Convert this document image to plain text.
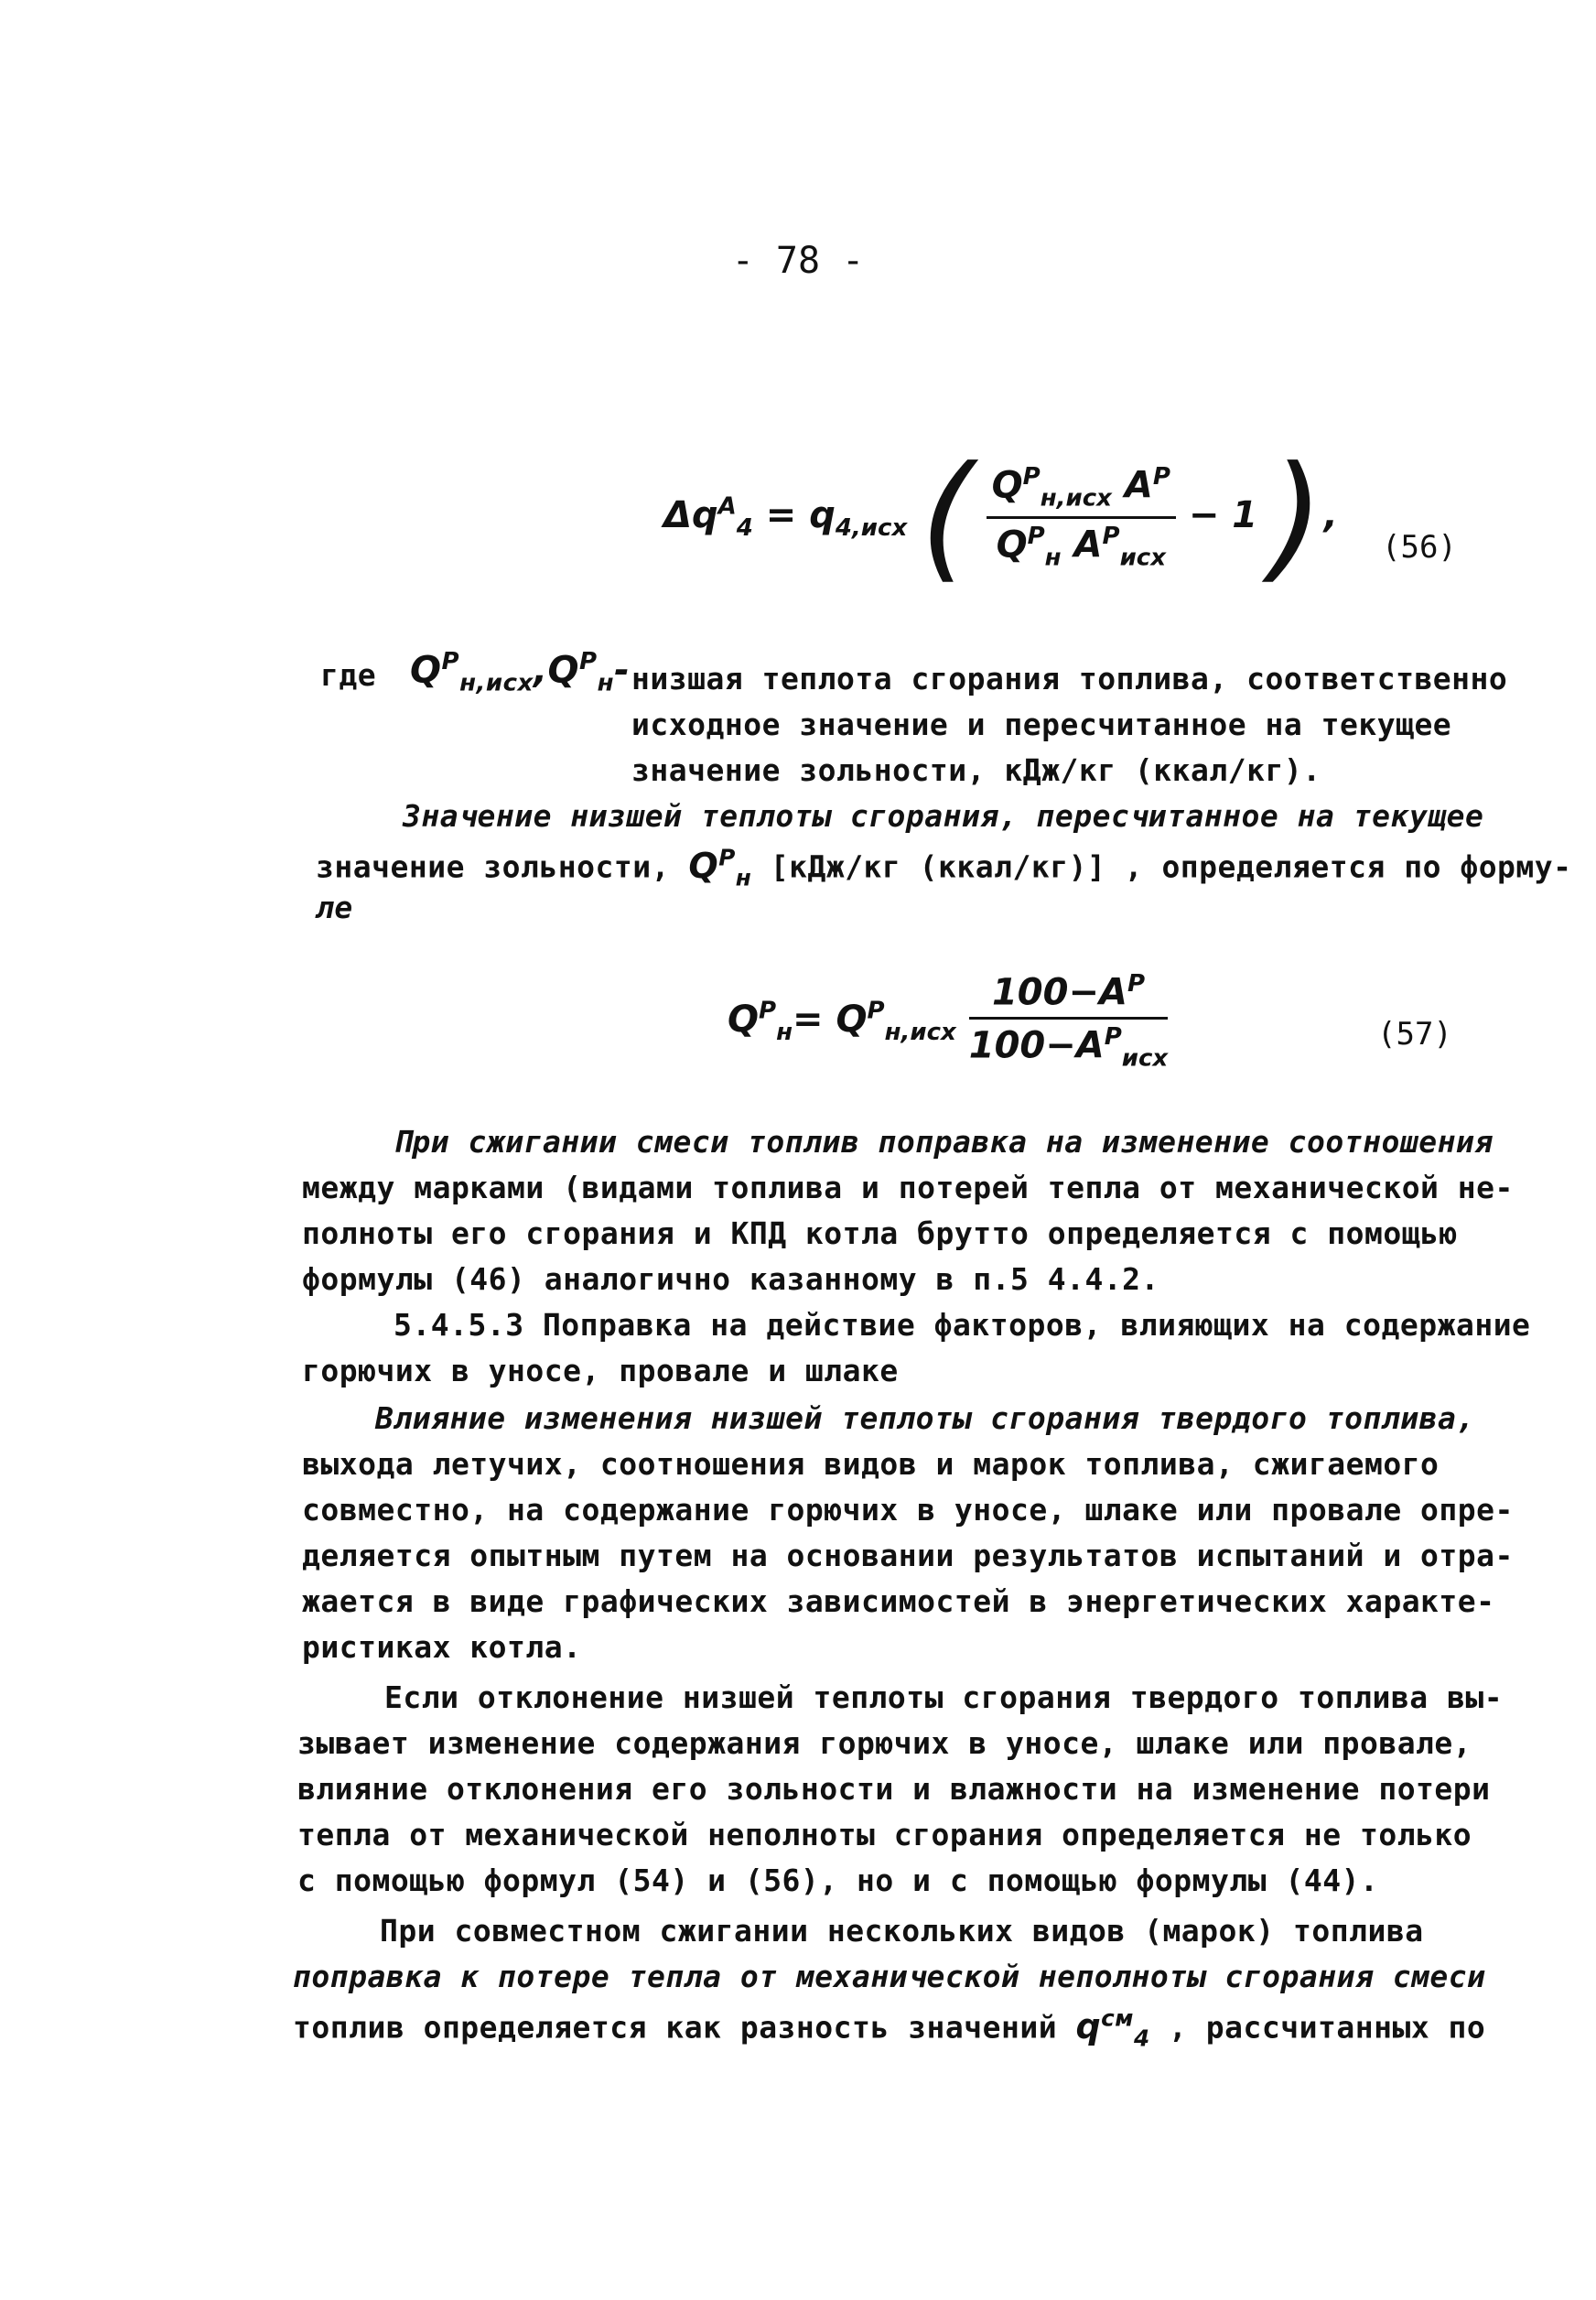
- 78 -
$\Delta q^A_4 = q_{4,исх}$ ( $\frac{Q^P_{н,исх} A^P}{Q^P_н A^P_{исх}} - 1$ ),
(56)
где $Q^P_{н,исх},Q^P_н-$ низшая теплота сгорания топлива, соответственно
исходное значение и пересчитанное на текущее
значение зольности, кДж/кг (ккал/кг).
Значение низшей теплоты сгорания, пересчитанное на текущее
значение зольности, $Q^P_н$ [кДж/кг (ккал/кг)] , определяется по форму-
ле
$Q^P_н= Q^P_{н,исх} \frac{100-A^P}{100-A^P_{исх}}$	(57)
При сжигании смеси топлив поправка на изменение соотношения
между марками (видами топлива и потерей тепла от механической не-
полноты его сгорания и КПД котла брутто определяется с помощью
формулы (46) аналогично казанному в п.5 4.4.2.
5.4.5.3 Поправка на действие факторов, влияющих на содержание
горючих в уносе, провале и шлаке
Влияние изменения низшей теплоты сгорания твердого топлива,
выхода летучих, соотношения видов и марок топлива, сжигаемого
совместно, на содержание горючих в уносе, шлаке или провале опре-
деляется опытным путем на основании результатов испытаний и отра-
жается в виде графических зависимостей в энергетических характе-
ристиках котла.
Если отклонение низшей теплоты сгорания твердого топлива вы-
зывает изменение содержания горючих в уносе, шлаке или провале,
влияние отклонения его зольности и влажности на изменение потери
тепла от механической неполноты сгорания определяется не только
с помощью формул (54) и (56), но и с помощью формулы (44).
При совместном сжигании нескольких видов (марок) топлива
поправка к потере тепла от механической неполноты сгорания смеси
топлив определяется как разность значений $q^{см}_4$ , рассчитанных по
